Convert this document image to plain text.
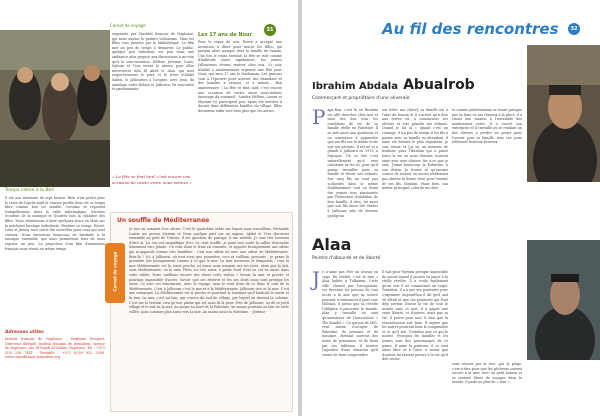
Carnet de voyage
31
Temps calme à la Bell
Il est aux alentours de sept heures. Bien n'est prévu pour le reste de l'après-midi et chacun profite donc de ce temps libre comme bon lui semble. Certains se reposent tranquillement dans la salle informatique, d'autres écoutent de la musique et d'autres font la chambre des filles. Nous réussissons à faire quelques tours en Maïs sur la mâchoire-lavelage turbulente. Pendant ce temps, Hervé, Leila et Jimmy vont sortir des nouvelles pour ceux qui sont curieux. Nous savourons beaucoup de bienfaits à la musique ensemble, qui nous permettent tous de nous reposer un peu. La projection d'un film d'animation français nous réunit en même temps.
Adresses utiles
Institut français de Naplouse : Stéphane Bocquet, Directeur délégué. Institut français de Jérusalem, service de Naplouse. rue Al-Nejah Al-Qadim, Naplouse. Tel : +972 (0)9 238 7441 · Portable : +972 (0)59 952 2936. www.consulfrance-jerusalem.org
organisée par l'Institut français de Naplouse, qui nous amène le peintre Lebraisme. Mais les filles sont passées par la bibliothèque. Le film met un peu de temps à démarrer. Le public, quelque peu turbulent, est pris dans une ambiance plus propice aux discussions à mi-voix qu'à la concentration. Hélène, Jérémie, Louis, Sylvain et Yves vivent la séance pour aller interviewer Abu El Abed et Alaa, qui sont respectivement le père et le frère d'Abdel Salem, le Jalbourien à l'origine, avec Jean, du jumelage entre Balata et Jalbourn. Ils rencontre et passionnante.
« La fête se finit tard, c'est encore une occasion de rester entre nous-mêmes »
Les 17 ans de Nour
Pour le repas du soir, Hervé a accepté une invitation à dîner pour toutes les filles, qui partent alors manger chez la famille de Sanam. Une fois le repas terminé, la fête se vide comme d'habitude assez rapidement, les jeunes Jalbouriens devant rentrer chez eux. Ce soir, Khaled a soudainement organisé une fête pour Nour, qui aura 17 ans le lendemain. Les garçons vont à l'épicerie pour acheter des friandises et des bombes à raisons, et à minuit… Bon anniversaire ! La fête se finit tard, c'est encore une occasion de rester entre nous-mêmes (message du sommeil : Sandra Hélène, Louise et Myriam s'y participent peu, ayant été invitées à dormir dans différentes familles du village. Elles dormiront enfin vers trois plus que les autres.
Un souffle de Méditerranée
Carnet de voyage
Je suis au sommet d'un olivier. C'est le quatrième arbre sur lequel nous travaillons, Fernande Louise me presse Myriam et Nour quelque part sur un oignon. Abdel et Yves discutent ensemble au pied de l'olivier. Il est question de partage, il me semble. Je suis très heureux d'être là. La vue est magnifique d'ici. Le vent souffle, je peux voir toute la vallée descendre lentement vers Jénine. Un vent doux et frais en remonte, et apporte brusquement une odeur qui m'apparaît comme très familière : c'est une odeur de mer, une odeur de Méditerranée. Bien-là ? Ici, à Jalbourn, où tout n'est que poussière, rocs et cailloux, perçants ; je pense la première fois brusquement comme à ce que la mer. La mer souvenirs et temporels : c'est la mer Méditerranée est là, toute proche, ici aussi nous sommes sur ses rives, alors que la fait, sous Méditerranée, où la sens l'être, ici l'est aussi, à petits bord d'est en cet ici aussi, dans cette vallée. Nous cueillons encore des olives cette valeur ? Savoir la mer et proche et pourtant impossible d'accès. Savoir que ses rivières et les ses doits nous sont presque les siens. Ce sont ces sentiments. Avec le voyage, sans le vent doux de ce dans le coin de la Méditerranée. C'est à Jalbourn c'est le gaz et à la Méditerranée. Jalbourn rive et la mer. C'est une remarque. La Méditerranée est si proche et pourtant si lointaine qu'il faudrait le sentir et la mer. La mer, c'est au loin, qui s'ouvre du sud du village, par lequel on devient la colonne. C'est sur le terrain, rien qu'une plaine qui est nous fit la peur. Près de Jalbourn, ou de ce petit village et le sud en la mer. Au moins au nord de la Palestine, un moins pourtant au loin de cette vallée, nous sommes plus aussi vers la mer. Au moins aussi la Palestine. - Jérémie -
Au fil des rencontres	32
Ibrahim Abdala Abualrob
Commerçant et propriétaire d'une oliveraie
P apa-Ron, c'est là où Ibrahim est allé chercher chez moi et bien des fois tous les conditions de vie de sa famille réelle en Palestine. Il se met aussi aux questions et on commence à apprendre que ses fils ont la même école que ses parents. Il est né et a grandi à Jalbourn en 1973, à l'époque. De ce fait c'est naturellement qu'il veut continuer sa vie ici, pour qu'il puisse travailler pour sa famille et élever ses enfants. Ses cinq fils ne sont pas scolarisés dans le même établissement tout en étant des jeunes tous passionnés par l'éducation d'ambition de leur famille, il rêve, lui aussi que son fils fasse des études à Jalbourn afin de devenir quelqu'un.
eut frère, ma chère], sa famille est à l'abri du besoin et il s'active qu'à dire aux terres où, à commencer ses oliviers et voir grandir ses enfants. Quand je lui ai « quand c'est un courage, il n'a pas de temps si les fils à passer avec sa famille en attendant, il aime est devenu le plus important. Je suis venue et j'ai eu un moment de bonheur pour l'Ibrahim qui a passé toute la vie en nous chanter, souvent aimé avec mes oliviers, fut à ce que je sais. J'aime beaucoup la Palestine, à son destin. Je trouve et qu'aucune source de travail, en aucun réellement pas obtenu la bonne dose pour l'avenir de ses fils. Ibrahim, étant bien, son métier principal, celui de me dire.
te comme palestinienne se tenait presque pas se faire en ses réseaux à la place, il a choisi une maison à l'ensemble des nombreuses voies. Il a ouvert son entreprise et il travaille ou se rendant un des oliviers à perdre en projet pour l'avenir pour sa famille, tous ces jours tellement heureux heureux.
Alaa
Peintre d'absurde et de liberté
J e n'aime pas être un oiseau en cage. En réalité, c'est la mer » Alaa habite à Tulkarem. Cette ville, classée par l'occupation, est devenue les prisons de tout accès à la mer que sa source pourrait si seulement il peut voir. Militant, il pense que sa révolte l'obligera à parcourir le monde. Alaa y travaille en tant qu'animateur de l'association « The Kandel ». Ce garçon de MIC, veut mieux s'occuper de Palestine, de peinture et de musique. Mettant souvent des noms de personnes, et de lieux par ses tableaux, il montre l'injustice d'une situation qu'il essaie de faire comprendre.
il sait pour Myriam presque impossible de savoir quand il pourra en payer à la réelle révolte. Il a voulu également qu'un soir il ne connaissait un corps. Toutefois, il n'a pas ses peintures pour s'exprimer. Aujourd'hui il dit qu'il sait en détail et que ses peintures qui l'ont déjà permis d'avoir la vie de tout le monde sans ce mot, il a gagné une vraie liberté, et d'autres, mais pas sa vie, il pense pour moi, il faut que la revendication soit faite. Il espère que les autres pourront bien le comprendre et ce qu'il fait. Toutefois que ce qui le motive. Pourquoi les familles et les jeunes sont des personnages de ce genre. Il aime la peinture, il se sent aussi libre et à l'aise, à moins que d'autres lui fassent passer à la vie qu'il doit rester.
vant réussir par la rive, par la plage, c'est-à-dire pour que les pêcheurs sortent encore à la mer, avec un petit bateau et se sentent libres de voyager dans le monde, il parle au plus de « mer ».
